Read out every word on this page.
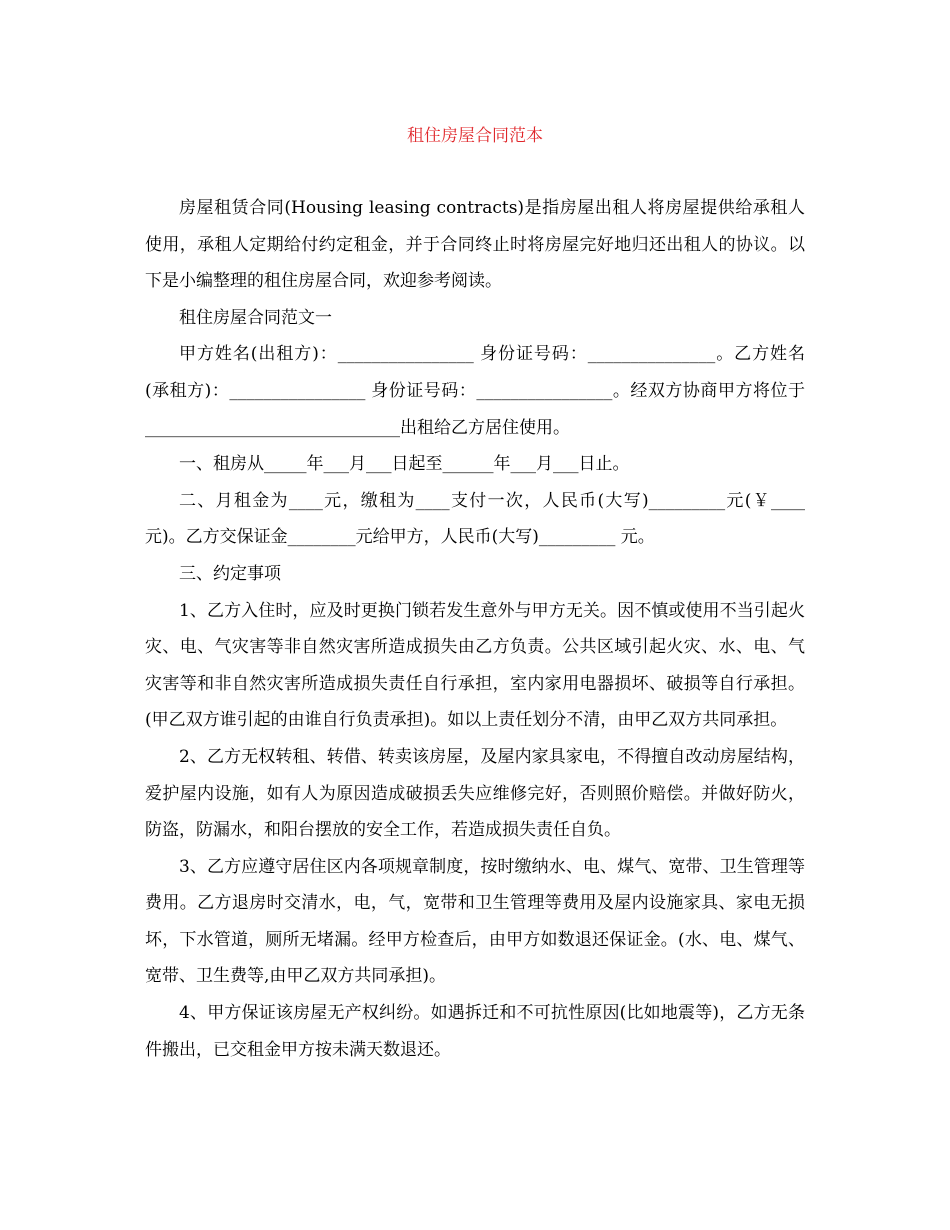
租住房屋合同范本

房屋租赁合同(Housing leasing contracts)是指房屋出租人将房屋提供给承租人使用，承租人定期给付约定租金，并于合同终止时将房屋完好地归还出租人的协议。以下是小编整理的租住房屋合同，欢迎参考阅读。

租住房屋合同范文一

甲方姓名(出租方)：________________ 身份证号码：_______________。乙方姓名(承租方)：________________ 身份证号码：________________。经双方协商甲方将位于______________________________出租给乙方居住使用。

一、租房从_____年___月___日起至______年___月___日止。

二、月租金为____元，缴租为____支付一次，人民币(大写)_________元(￥____元)。乙方交保证金________元给甲方，人民币(大写)_________ 元。

三、约定事项

1、乙方入住时，应及时更换门锁若发生意外与甲方无关。因不慎或使用不当引起火灾、电、气灾害等非自然灾害所造成损失由乙方负责。公共区域引起火灾、水、电、气灾害等和非自然灾害所造成损失责任自行承担，室内家用电器损坏、破损等自行承担。(甲乙双方谁引起的由谁自行负责承担)。如以上责任划分不清，由甲乙双方共同承担。

2、乙方无权转租、转借、转卖该房屋，及屋内家具家电，不得擅自改动房屋结构，爱护屋内设施，如有人为原因造成破损丢失应维修完好，否则照价赔偿。并做好防火，防盗，防漏水，和阳台摆放的安全工作，若造成损失责任自负。

3、乙方应遵守居住区内各项规章制度，按时缴纳水、电、煤气、宽带、卫生管理等费用。乙方退房时交清水，电，气，宽带和卫生管理等费用及屋内设施家具、家电无损坏，下水管道，厕所无堵漏。经甲方检查后，由甲方如数退还保证金。(水、电、煤气、宽带、卫生费等,由甲乙双方共同承担)。

4、甲方保证该房屋无产权纠纷。如遇拆迁和不可抗性原因(比如地震等)，乙方无条件搬出，已交租金甲方按未满天数退还。
